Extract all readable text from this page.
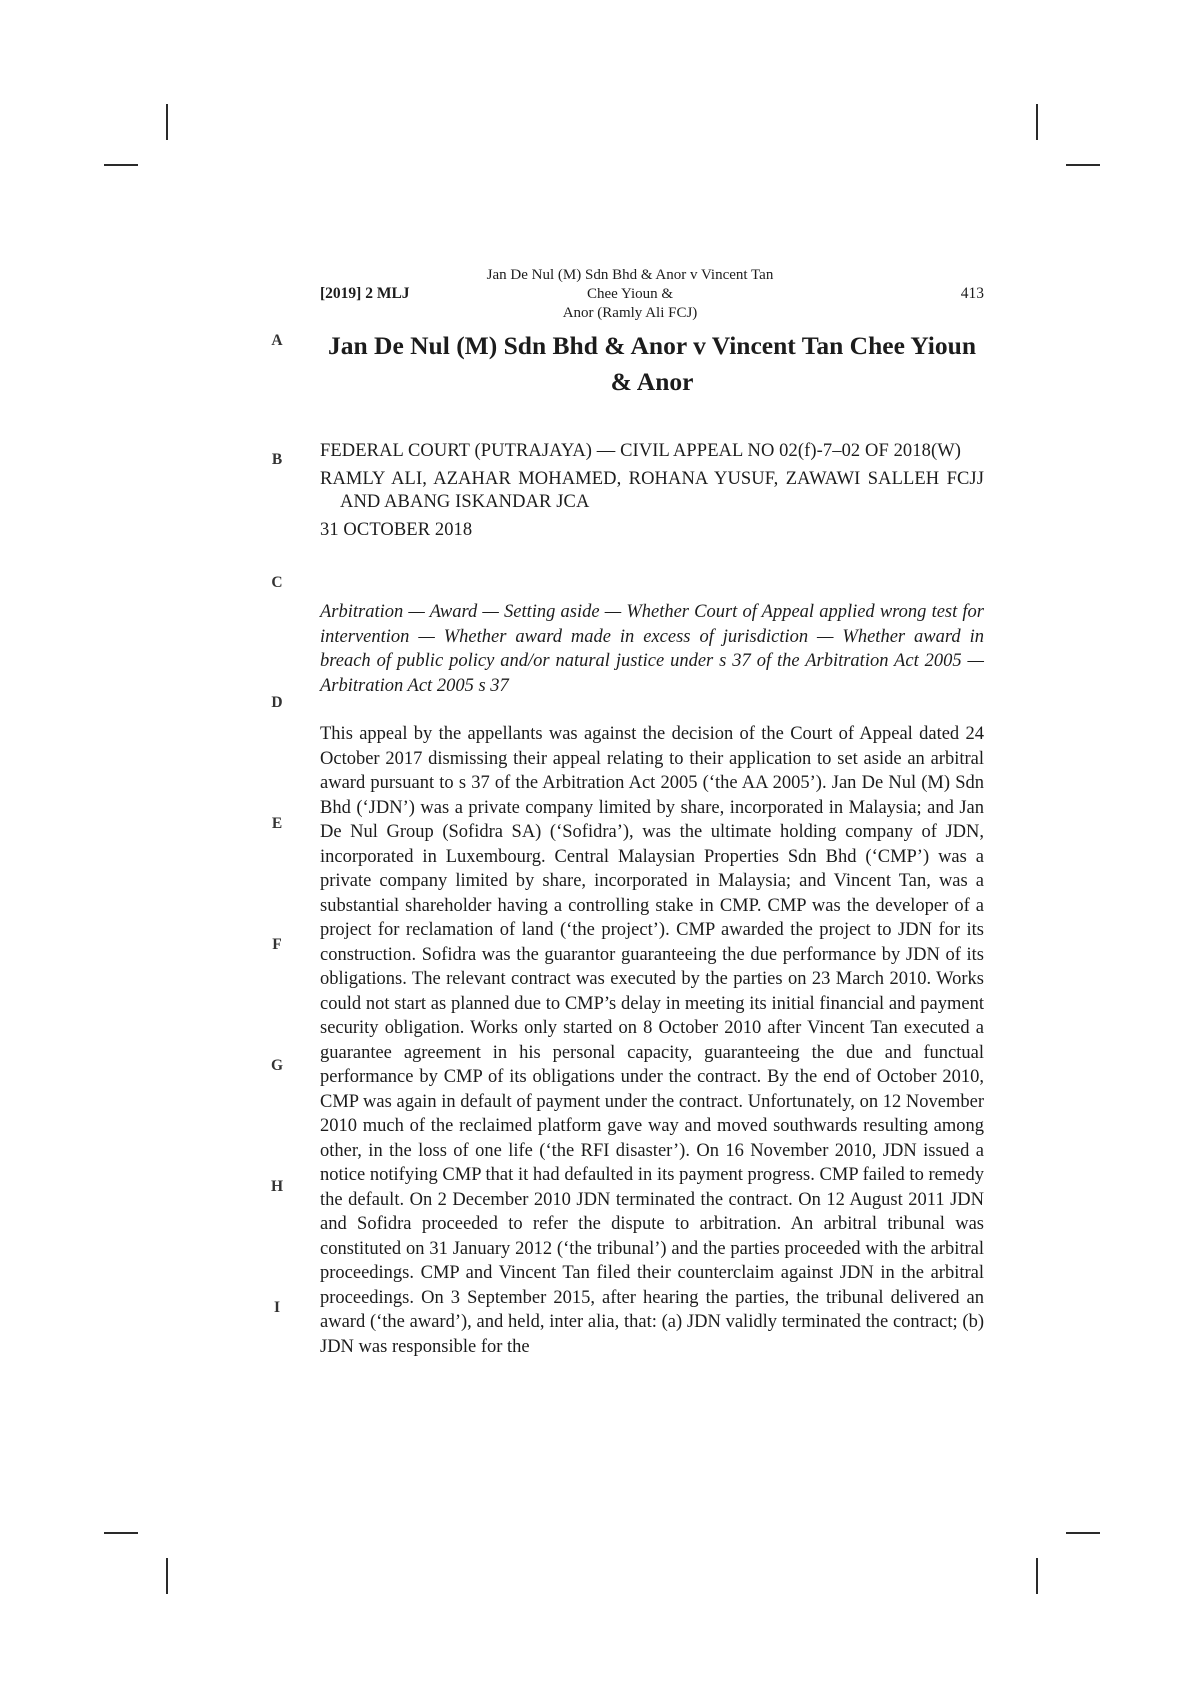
[2019] 2 MLJ
Jan De Nul (M) Sdn Bhd & Anor v Vincent Tan Chee Yioun &
Anor (Ramly Ali FCJ)
413
A
B
C
D
E
F
G
H
I
Jan De Nul (M) Sdn Bhd & Anor v Vincent Tan Chee Yioun & Anor
FEDERAL COURT (PUTRAJAYA) — CIVIL APPEAL NO 02(f)-7–02 OF 2018(W)
RAMLY ALI, AZAHAR MOHAMED, ROHANA YUSUF, ZAWAWI SALLEH FCJJ AND ABANG ISKANDAR JCA
31 OCTOBER 2018
Arbitration — Award — Setting aside — Whether Court of Appeal applied wrong test for intervention — Whether award made in excess of jurisdiction — Whether award in breach of public policy and/or natural justice under s 37 of the Arbitration Act 2005 — Arbitration Act 2005 s 37
This appeal by the appellants was against the decision of the Court of Appeal dated 24 October 2017 dismissing their appeal relating to their application to set aside an arbitral award pursuant to s 37 of the Arbitration Act 2005 (‘the AA 2005’). Jan De Nul (M) Sdn Bhd (‘JDN’) was a private company limited by share, incorporated in Malaysia; and Jan De Nul Group (Sofidra SA) (‘Sofidra’), was the ultimate holding company of JDN, incorporated in Luxembourg. Central Malaysian Properties Sdn Bhd (‘CMP’) was a private company limited by share, incorporated in Malaysia; and Vincent Tan, was a substantial shareholder having a controlling stake in CMP. CMP was the developer of a project for reclamation of land (‘the project’). CMP awarded the project to JDN for its construction. Sofidra was the guarantor guaranteeing the due performance by JDN of its obligations. The relevant contract was executed by the parties on 23 March 2010. Works could not start as planned due to CMP’s delay in meeting its initial financial and payment security obligation. Works only started on 8 October 2010 after Vincent Tan executed a guarantee agreement in his personal capacity, guaranteeing the due and functual performance by CMP of its obligations under the contract. By the end of October 2010, CMP was again in default of payment under the contract. Unfortunately, on 12 November 2010 much of the reclaimed platform gave way and moved southwards resulting among other, in the loss of one life (‘the RFI disaster’). On 16 November 2010, JDN issued a notice notifying CMP that it had defaulted in its payment progress. CMP failed to remedy the default. On 2 December 2010 JDN terminated the contract. On 12 August 2011 JDN and Sofidra proceeded to refer the dispute to arbitration. An arbitral tribunal was constituted on 31 January 2012 (‘the tribunal’) and the parties proceeded with the arbitral proceedings. CMP and Vincent Tan filed their counterclaim against JDN in the arbitral proceedings. On 3 September 2015, after hearing the parties, the tribunal delivered an award (‘the award’), and held, inter alia, that: (a) JDN validly terminated the contract; (b) JDN was responsible for the
